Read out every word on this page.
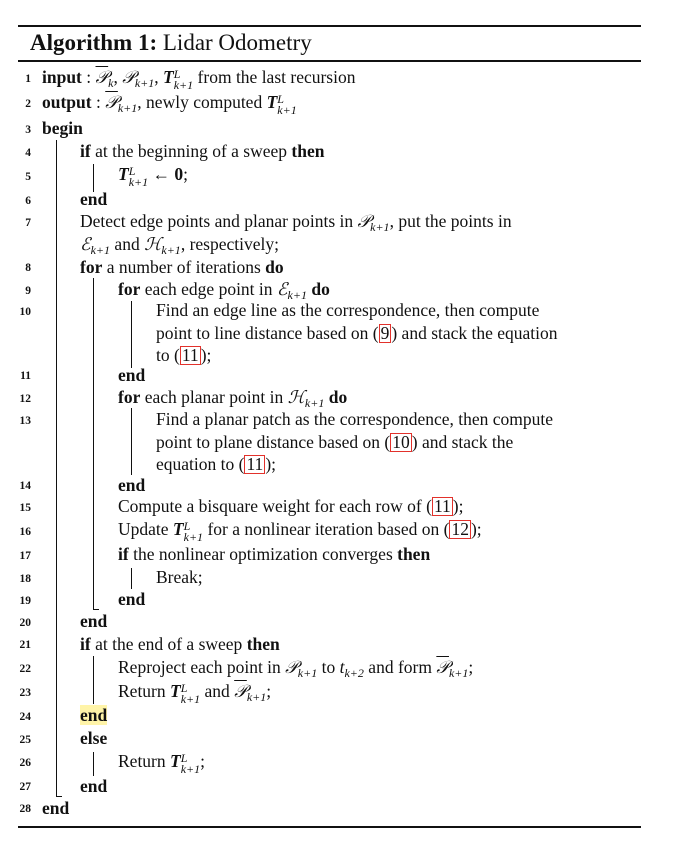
Algorithm 1: Lidar Odometry
1
2
3
4
5
6
7
8
9
10
11
12
13
14
15
16
17
18
19
20
21
22
23
24
25
26
27
28
input : 𝒫$_k$, 𝒫$_{k+1}$, T L
k+1 from the last recursion
output : 𝒫$_{k+1}$, newly computed T L
k+1
begin
if at the beginning of a sweep then
T L
k+1 ← 0;
end
Detect edge points and planar points in 𝒫$_{k+1}$, put the points in
ℰ$_{k+1}$ and ℋ$_{k+1}$, respectively;
for a number of iterations do
for each edge point in ℰ$_{k+1}$ do
Find an edge line as the correspondence, then compute
point to line distance based on ( 9 ) and stack the equation
to ( 11 );
end
for each planar point in ℋ$_{k+1}$ do
Find a planar patch as the correspondence, then compute
point to plane distance based on ( 10 ) and stack the
equation to ( 11 );
end
Compute a bisquare weight for each row of ( 11 );
Update T L
k+1 for a nonlinear iteration based on ( 12 );
if the nonlinear optimization converges then
Break;
end
end
if at the end of a sweep then
Reproject each point in 𝒫$_{k+1}$ to $t_{k+2}$ and form 𝒫$_{k+1}$;
Return T L
k+1 and 𝒫$_{k+1}$;
end
else
Return T L
k+1 ;
end
end
